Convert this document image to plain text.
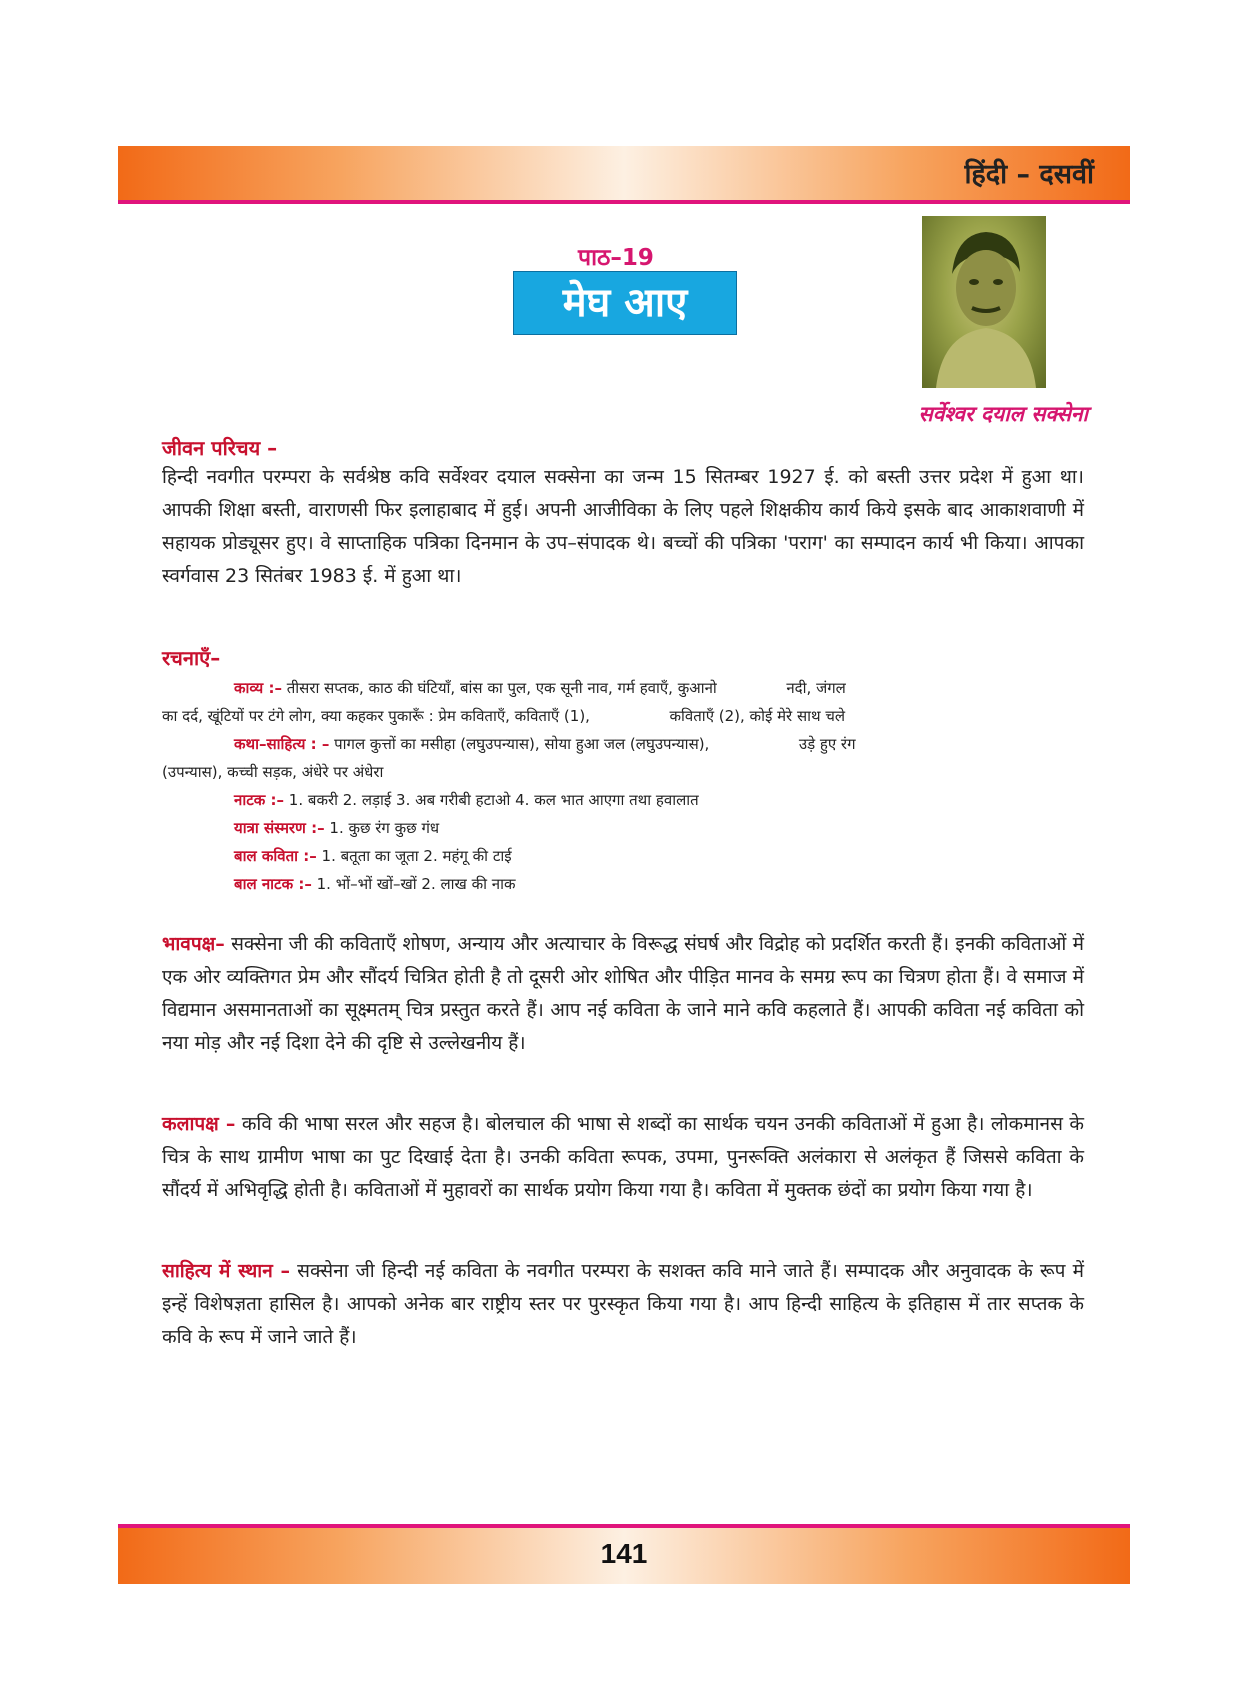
हिंदी – दसवीं
पाठ–19
मेघ आए
सर्वेश्वर दयाल सक्सेना
जीवन परिचय –

हिन्दी नवगीत परम्परा के सर्वश्रेष्ठ कवि सर्वेश्वर दयाल सक्सेना का जन्म 15 सितम्बर 1927 ई. को बस्ती उत्तर प्रदेश में हुआ था। आपकी शिक्षा बस्ती, वाराणसी फिर इलाहाबाद में हुई। अपनी आजीविका के लिए पहले शिक्षकीय कार्य किये इसके बाद आकाशवाणी में सहायक प्रोड्यूसर हुए। वे साप्ताहिक पत्रिका दिनमान के उप–संपादक थे। बच्चों की पत्रिका 'पराग' का सम्पादन कार्य भी किया। आपका स्वर्गवास 23 सितंबर 1983 ई. में हुआ था।

रचनाएँ–
काव्य :– तीसरा सप्तक, काठ की घंटियाँ, बांस का पुल, एक सूनी नाव, गर्म हवाएँ, कुआनो	नदी, जंगल
का दर्द, खूंटियों पर टंगे लोग, क्या कहकर पुकारूँ : प्रेम कविताएँ, कविताएँ (1),	कविताएँ (2), कोई मेरे साथ चले
कथा–साहित्य : – पागल कुत्तों का मसीहा (लघुउपन्यास), सोया हुआ जल (लघुउपन्यास),	उड़े हुए रंग
(उपन्यास), कच्ची सड़क, अंधेरे पर अंधेरा
नाटक :– 1. बकरी 2. लड़ाई 3. अब गरीबी हटाओ 4. कल भात आएगा तथा हवालात
यात्रा संस्मरण :– 1. कुछ रंग कुछ गंध
बाल कविता :– 1. बतूता का जूता 2. महंगू की टाई
बाल नाटक :– 1. भों–भों खों–खों 2. लाख की नाक

भावपक्ष– सक्सेना जी की कविताएँ शोषण, अन्याय और अत्याचार के विरूद्ध संघर्ष और विद्रोह को प्रदर्शित करती हैं। इनकी कविताओं में एक ओर व्यक्तिगत प्रेम और सौंदर्य चित्रित होती है तो दूसरी ओर शोषित और पीड़ित मानव के समग्र रूप का चित्रण होता हैं। वे समाज में विद्यमान असमानताओं का सूक्ष्मतम् चित्र प्रस्तुत करते हैं। आप नई कविता के जाने माने कवि कहलाते हैं। आपकी कविता नई कविता को नया मोड़ और नई दिशा देने की दृष्टि से उल्लेखनीय हैं।

कलापक्ष – कवि की भाषा सरल और सहज है। बोलचाल की भाषा से शब्दों का सार्थक चयन उनकी कविताओं में हुआ है। लोकमानस के चित्र के साथ ग्रामीण भाषा का पुट दिखाई देता है। उनकी कविता रूपक, उपमा, पुनरूक्ति अलंकारा से अलंकृत हैं जिससे कविता के सौंदर्य में अभिवृद्धि होती है। कविताओं में मुहावरों का सार्थक प्रयोग किया गया है। कविता में मुक्तक छंदों का प्रयोग किया गया है।

साहित्य में स्थान – सक्सेना जी हिन्दी नई कविता के नवगीत परम्परा के सशक्त कवि माने जाते हैं। सम्पादक और अनुवादक के रूप में इन्हें विशेषज्ञता हासिल है। आपको अनेक बार राष्ट्रीय स्तर पर पुरस्कृत किया गया है। आप हिन्दी साहित्य के इतिहास में तार सप्तक के कवि के रूप में जाने जाते हैं।

141
